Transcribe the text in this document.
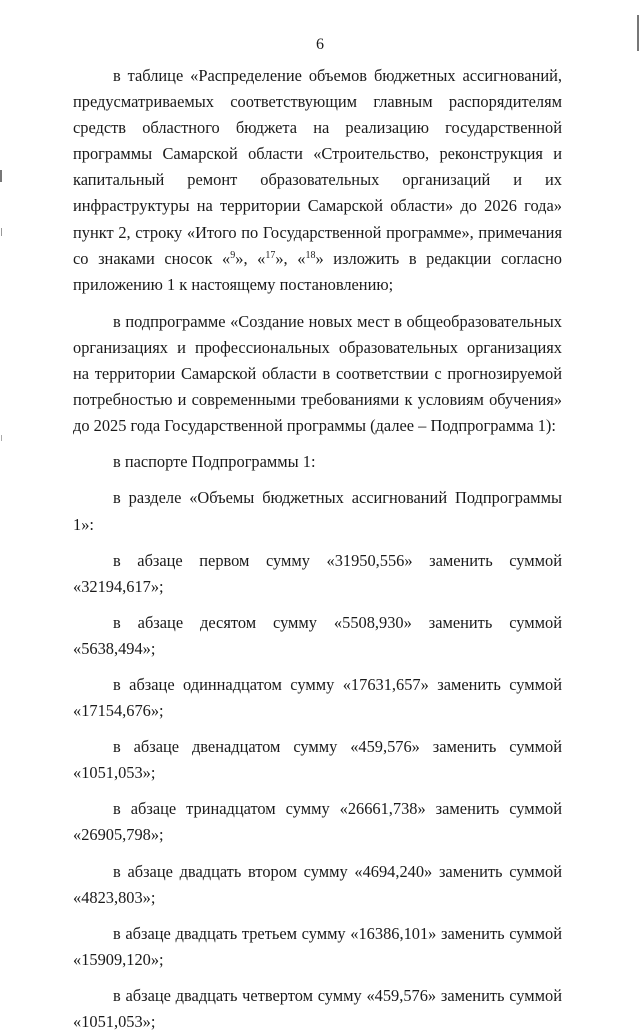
6

в таблице «Распределение объемов бюджетных ассигнований, предусматриваемых соответствующим главным распорядителям средств областного бюджета на реализацию государственной программы Самарской области «Строительство, реконструкция и капитальный ремонт образовательных организаций и их инфраструктуры на территории Самарской области» до 2026 года» пункт 2, строку «Итого по Государственной программе», примечания со знаками сносок «$^9$», «$^{17}$», «$^{18}$» изложить в редакции согласно приложению 1 к настоящему постановлению;

в подпрограмме «Создание новых мест в общеобразовательных организациях и профессиональных образовательных организациях на территории Самарской области в соответствии с прогнозируемой потребностью и современными требованиями к условиям обучения» до 2025 года Государственной программы (далее – Подпрограмма 1):

в паспорте Подпрограммы 1:

в разделе «Объемы бюджетных ассигнований Подпрограммы 1»:

в абзаце первом сумму «31950,556» заменить суммой «32194,617»;

в абзаце десятом сумму «5508,930» заменить суммой «5638,494»;

в абзаце одиннадцатом сумму «17631,657» заменить суммой «17154,676»;

в абзаце двенадцатом сумму «459,576» заменить суммой «1051,053»;

в абзаце тринадцатом сумму «26661,738» заменить суммой «26905,798»;

в абзаце двадцать втором сумму «4694,240» заменить суммой «4823,803»;

в абзаце двадцать третьем сумму «16386,101» заменить суммой «15909,120»;

в абзаце двадцать четвертом сумму «459,576» заменить суммой «1051,053»;
